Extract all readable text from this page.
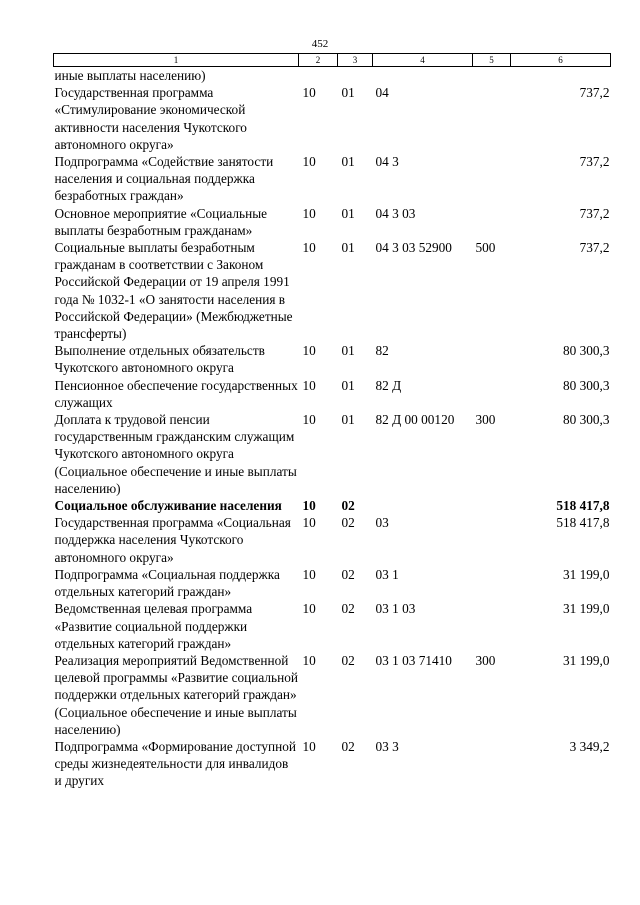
452
1	2	3	4	5	6
иные выплаты населению)					
Государственная программа «Стимулирование экономической активности населения Чукотского автономного округа»	10	01	04		737,2
Подпрограмма «Содействие занятости населения и социальная поддержка безработных граждан»	10	01	04 3		737,2
Основное мероприятие «Социальные выплаты безработным гражданам»	10	01	04 3 03		737,2
Социальные выплаты безработным гражданам в соответствии с Законом Российской Федерации от 19 апреля 1991 года № 1032-1 «О занятости населения в Российской Федерации» (Межбюджетные трансферты)	10	01	04 3 03 52900	500	737,2
Выполнение отдельных обязательств Чукотского автономного округа	10	01	82		80 300,3
Пенсионное обеспечение государственных служащих	10	01	82 Д		80 300,3
Доплата к трудовой пенсии государственным гражданским служащим Чукотского автономного округа (Социальное обеспечение и иные выплаты населению)	10	01	82 Д 00 00120	300	80 300,3
Социальное обслуживание населения	10	02			518 417,8
Государственная программа «Социальная поддержка населения Чукотского автономного округа»	10	02	03		518 417,8
Подпрограмма «Социальная поддержка отдельных категорий граждан»	10	02	03 1		31 199,0
Ведомственная целевая программа «Развитие социальной поддержки отдельных категорий граждан»	10	02	03 1 03		31 199,0
Реализация мероприятий Ведомственной целевой программы «Развитие социальной поддержки отдельных категорий граждан» (Социальное обеспечение и иные выплаты населению)	10	02	03 1 03 71410	300	31 199,0
Подпрограмма «Формирование доступной среды жизнедеятельности для инвалидов и других	10	02	03 3		3 349,2
